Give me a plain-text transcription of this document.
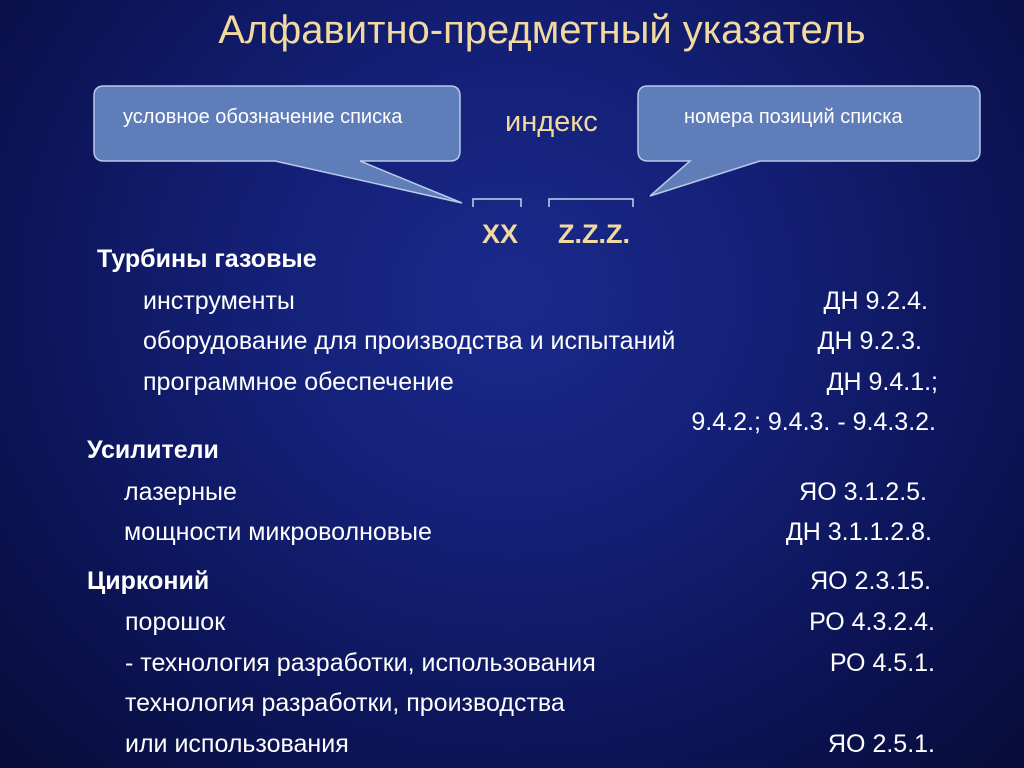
Алфавитно-предметный указатель
условное обозначение списка	номера позиций списка
индекс
XX Z.Z.Z.
Турбины газовые
инструменты	ДН 9.2.4.
оборудование для производства и испытаний	ДН 9.2.3.
программное обеспечение	ДН 9.4.1.;
9.4.2.; 9.4.3. - 9.4.3.2.
Усилители
лазерные	ЯО 3.1.2.5.
мощности микроволновые	ДН 3.1.1.2.8.
Цирконий	ЯО 2.3.15.
порошок	РО 4.3.2.4.
- технология разработки, использования	РО 4.5.1.
технология разработки, производства
или использования	ЯО 2.5.1.
